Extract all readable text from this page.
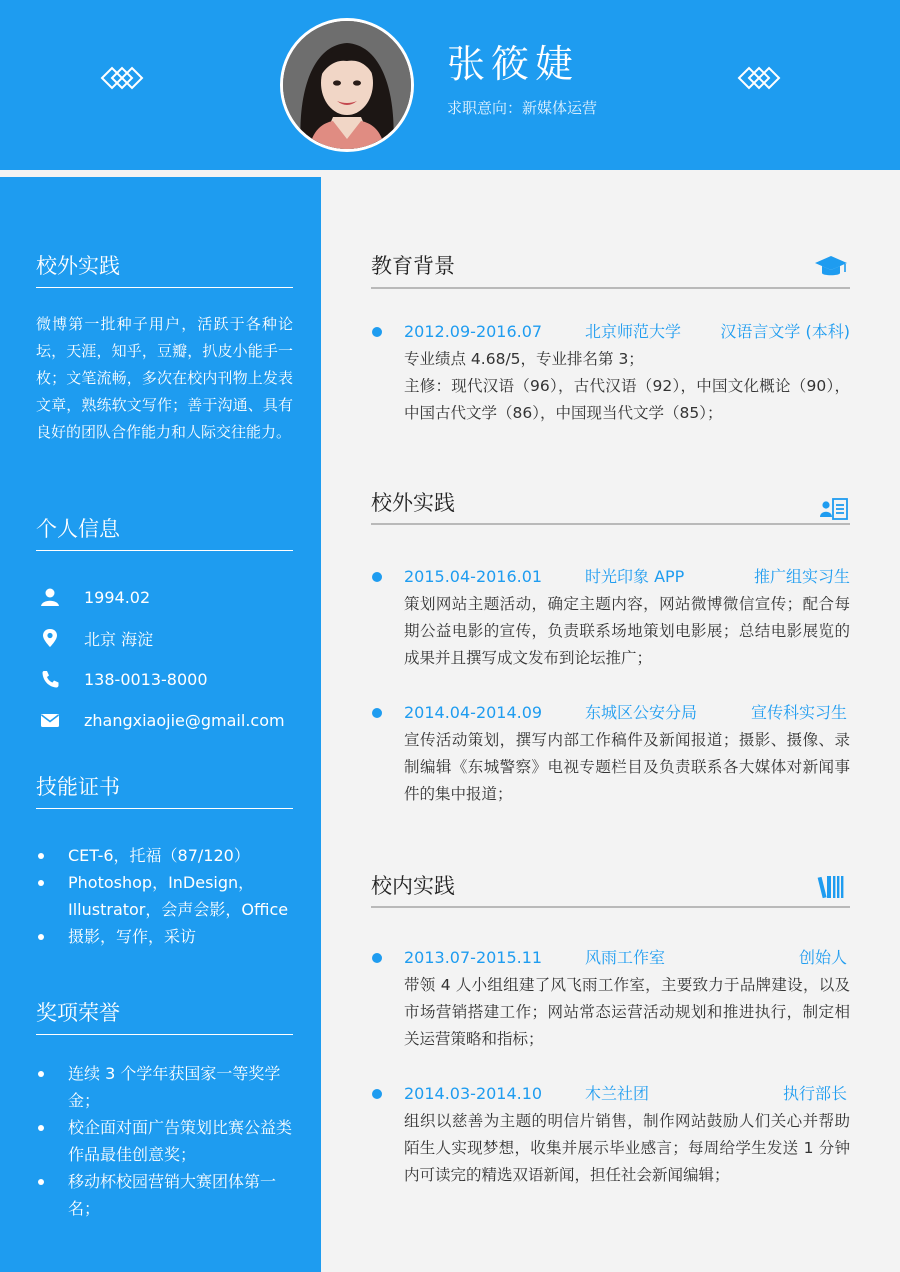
张筱婕
求职意向：新媒体运营
校外实践
微博第一批种子用户，活跃于各种论坛，天涯，知乎，豆瓣，扒皮小能手一枚；文笔流畅，多次在校内刊物上发表文章，熟练软文写作；善于沟通、具有良好的团队合作能力和人际交往能力。
个人信息
1994.02
北京 海淀
138-0013-8000
zhangxiaojie@gmail.com
技能证书
CET-6，托福（87/120）
Photoshop，InDesign，Illustrator，会声会影，Office
摄影，写作，采访
奖项荣誉
连续 3 个学年获国家一等奖学金；
校企面对面广告策划比赛公益类作品最佳创意奖；
移动杯校园营销大赛团体第一名；
教育背景
2012.09-2016.07	北京师范大学 汉语言文学 (本科)
专业绩点 4.68/5，专业排名第 3；
主修：现代汉语（96），古代汉语（92），中国文化概论（90），中国古代文学（86），中国现当代文学（85）；
校外实践
2015.04-2016.01	时光印象 APP	推广组实习生
策划网站主题活动，确定主题内容，网站微博微信宣传；配合每期公益电影的宣传，负责联系场地策划电影展；总结电影展览的成果并且撰写成文发布到论坛推广；
2014.04-2014.09	东城区公安分局	宣传科实习生
宣传活动策划，撰写内部工作稿件及新闻报道；摄影、摄像、录制编辑《东城警察》电视专题栏目及负责联系各大媒体对新闻事件的集中报道；
校内实践
2013.07-2015.11	风雨工作室	创始人
带领 4 人小组组建了风飞雨工作室，主要致力于品牌建设，以及市场营销搭建工作；网站常态运营活动规划和推进执行，制定相关运营策略和指标；
2014.03-2014.10	木兰社团	执行部长
组织以慈善为主题的明信片销售，制作网站鼓励人们关心并帮助陌生人实现梦想，收集并展示毕业感言；每周给学生发送 1 分钟内可读完的精选双语新闻，担任社会新闻编辑；
